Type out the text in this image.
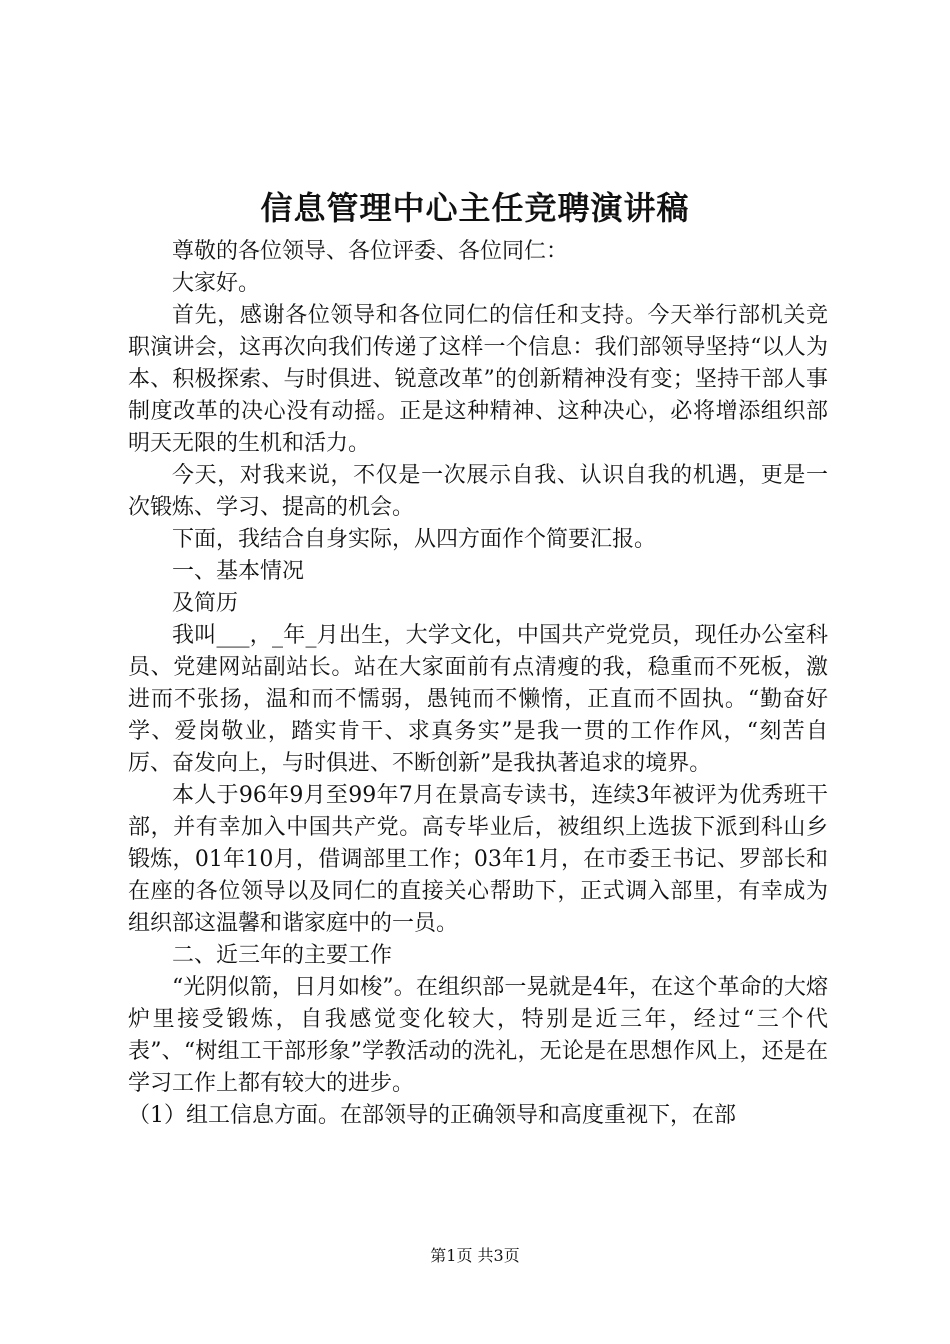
信息管理中心主任竞聘演讲稿

尊敬的各位领导、各位评委、各位同仁：

大家好。

首先，感谢各位领导和各位同仁的信任和支持。今天举行部机关竞职演讲会，这再次向我们传递了这样一个信息：我们部领导坚持“以人为本、积极探索、与时俱进、锐意改革”的创新精神没有变；坚持干部人事制度改革的决心没有动摇。正是这种精神、这种决心，必将增添组织部明天无限的生机和活力。

今天，对我来说，不仅是一次展示自我、认识自我的机遇，更是一次锻炼、学习、提高的机会。

下面，我结合自身实际，从四方面作个简要汇报。

一、基本情况

及简历

我叫___，_年_月出生，大学文化，中国共产党党员，现任办公室科员、党建网站副站长。站在大家面前有点清瘦的我，稳重而不死板，激进而不张扬，温和而不懦弱，愚钝而不懒惰，正直而不固执。“勤奋好学、爱岗敬业，踏实肯干、求真务实”是我一贯的工作作风，“刻苦自厉、奋发向上，与时俱进、不断创新”是我执著追求的境界。

本人于96年9月至99年7月在景高专读书，连续3年被评为优秀班干部，并有幸加入中国共产党。高专毕业后，被组织上选拔下派到科山乡锻炼，01年10月，借调部里工作；03年1月，在市委王书记、罗部长和在座的各位领导以及同仁的直接关心帮助下，正式调入部里，有幸成为组织部这温馨和谐家庭中的一员。

二、近三年的主要工作

“光阴似箭，日月如梭”。在组织部一晃就是4年，在这个革命的大熔炉里接受锻炼，自我感觉变化较大，特别是近三年，经过“三个代表”、“树组工干部形象”学教活动的洗礼，无论是在思想作风上，还是在学习工作上都有较大的进步。

（1）组工信息方面。在部领导的正确领导和高度重视下，在部

第1页 共3页
